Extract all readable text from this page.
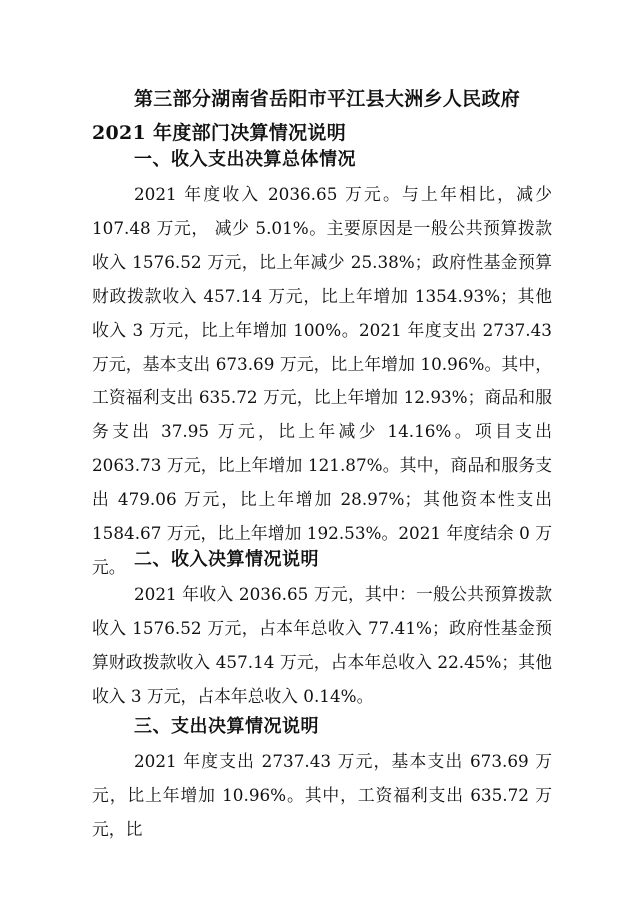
第三部分湖南省岳阳市平江县大洲乡人民政府 2021 年度部门决算情况说明

一、收入支出决算总体情况

2021 年度收入 2036.65 万元。与上年相比，减少 107.48 万元， 减少 5.01%。主要原因是一般公共预算拨款收入 1576.52 万元，比上年减少 25.38%；政府性基金预算财政拨款收入 457.14 万元，比上年增加 1354.93%；其他收入 3 万元，比上年增加 100%。2021 年度支出 2737.43 万元，基本支出 673.69 万元，比上年增加 10.96%。其中，工资福利支出 635.72 万元，比上年增加 12.93%；商品和服务支出 37.95 万元，比上年减少 14.16%。项目支出 2063.73 万元，比上年增加 121.87%。其中，商品和服务支出 479.06 万元，比上年增加 28.97%；其他资本性支出 1584.67 万元，比上年增加 192.53%。2021 年度结余 0 万元。 二、收入决算情况说明

2021 年收入 2036.65 万元，其中：一般公共预算拨款收入 1576.52 万元，占本年总收入 77.41%；政府性基金预算财政拨款收入 457.14 万元，占本年总收入 22.45%；其他收入 3 万元，占本年总收入 0.14%。

三、支出决算情况说明

2021 年度支出 2737.43 万元，基本支出 673.69 万元，比上年增加 10.96%。其中，工资福利支出 635.72 万元，比
